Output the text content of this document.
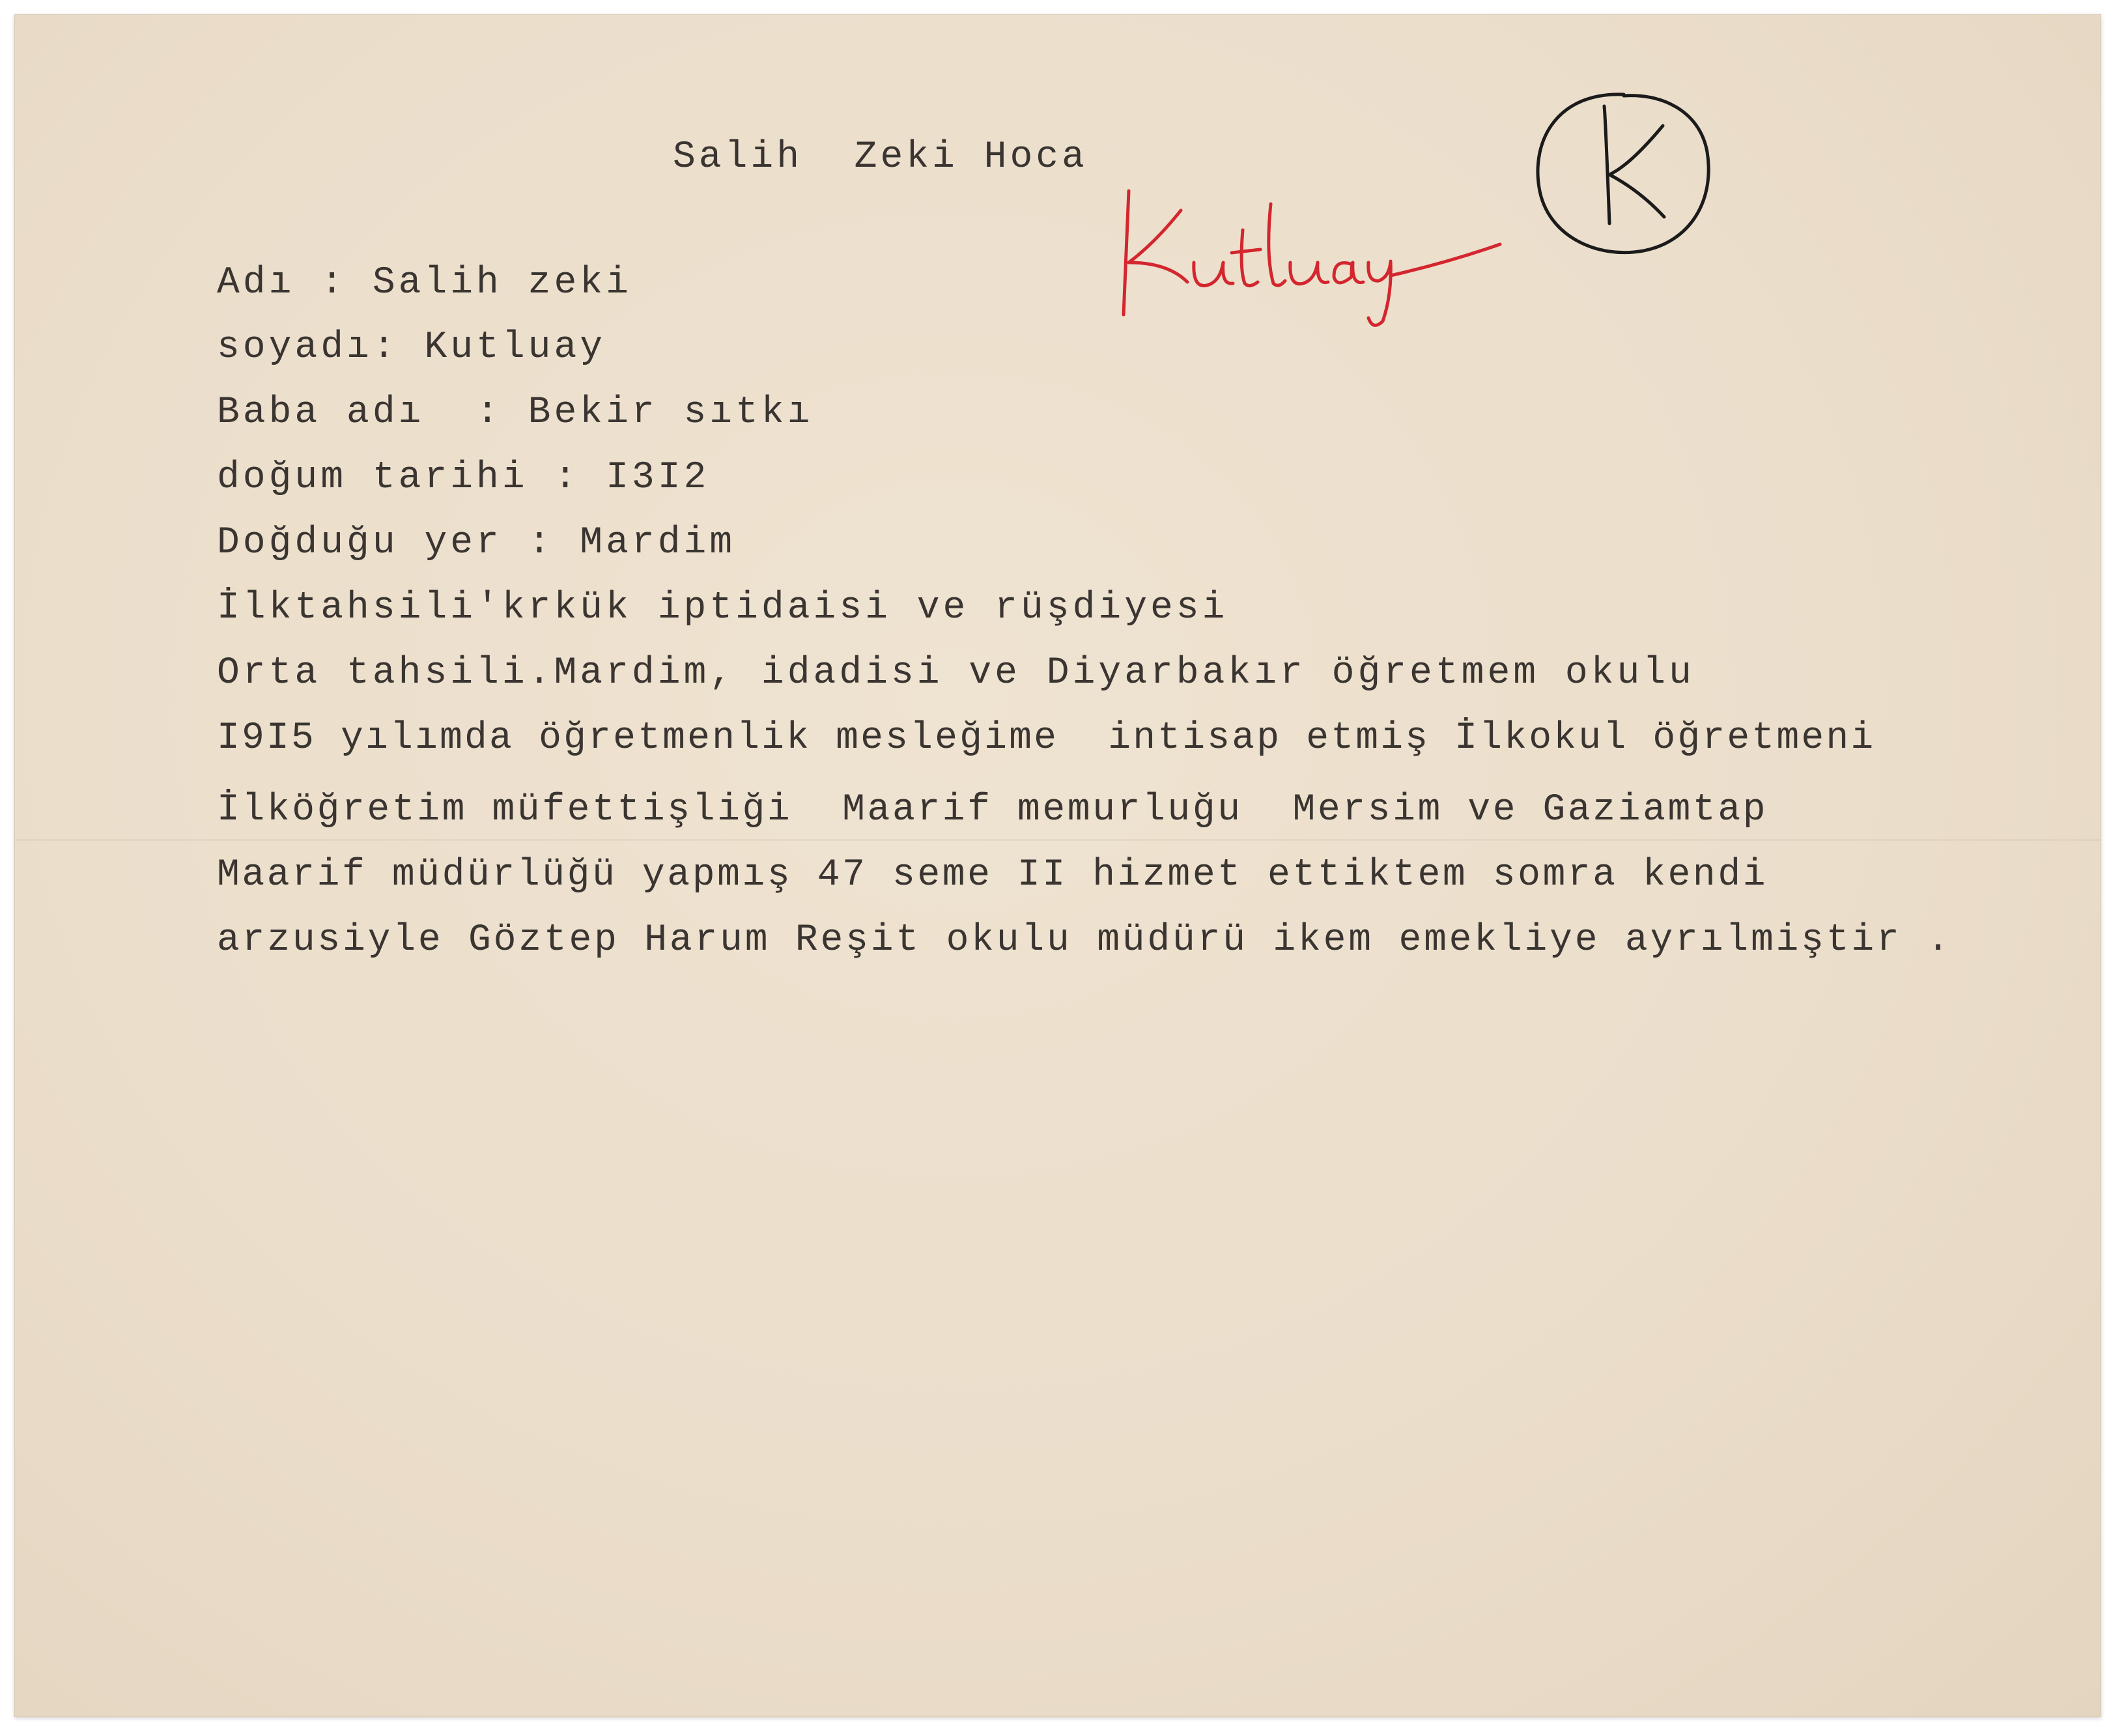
Salih  Zeki Hoca
Adı : Salih zeki
soyadı: Kutluay
Baba adı  : Bekir sıtkı
doğum tarihi : I3I2
Doğduğu yer : Mardim
İlktahsili'krkük iptidaisi ve rüşdiyesi
Orta tahsili.Mardim, idadisi ve Diyarbakır öğretmem okulu
I9I5 yılımda öğretmenlik mesleğime  intisap etmiş İlkokul öğretmeni
İlköğretim müfettişliği  Maarif memurluğu  Mersim ve Gaziamtap
Maarif müdürlüğü yapmış 47 seme II hizmet ettiktem somra kendi
arzusiyle Göztep Harum Reşit okulu müdürü ikem emekliye ayrılmiştir .
